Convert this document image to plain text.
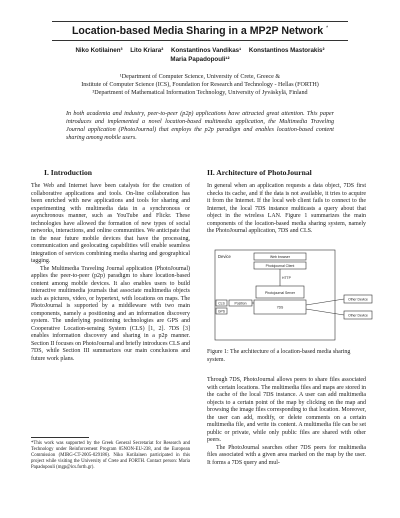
Location-based Media Sharing in a MP2P Network *
Niko Kotilainen³ Lito Kriara² Konstantinos Vandikas¹ Konstantinos Mastorakis²
Maria Papadopouli¹²
¹Department of Computer Science, University of Crete, Greece &
Institute of Computer Science (ICS), Foundation for Research and Technology - Hellas (FORTH)
³Department of Mathematical Information Technology, University of Jyväskylä, Finland
In both academia and industry, peer-to-peer (p2p) applications have attracted great attention. This paper introduces and implemented a novel location-based multimedia application, the Multimedia Traveling Journal application (PhotoJournal) that employs the p2p paradigm and enables location-based content sharing among mobile users.
I. Introduction	II. Architecture of PhotoJournal

The Web and Internet have been catalysts for the creation of collaborative applications and tools. On-line collaboration has been enriched with new applications and tools for sharing and experimenting with multimedia data in a synchronous or asynchronous manner, such as YouTube and Flickr. These technologies have allowed the formation of new types of social networks, interactions, and online communities. We anticipate that in the near future mobile devices that have the processing, communication and geolocating capabilities will enable seamless integration of services combining media sharing and geographical tagging.

The Multimedia Traveling Journal application (PhotoJournal) applies the peer-to-peer (p2p) paradigm to share location-based content among mobile devices. It also enables users to build interactive multimedia journals that associate multimedia objects such as pictures, video, or hypertext, with locations on maps. The PhotoJournal is supported by a middleware with two main components, namely a positioning and an information discovery system. The underlying positioning technologies are GPS and Cooperative Location-sensing System (CLS) [1, 2]. 7DS [3] enables information discovery and sharing in a p2p manner. Section II focuses on PhotoJournal and briefly introduces CLS and 7DS, while Section III summarizes our main conclusions and future work plans.

*This work was supported by the Greek General Secretariat for Research and Technology under Reinforcement Program 05NON-EU-238, and the European Commission (MIRG-CT-2005-029186). Niko Kotilainen participated in this project while visiting the University of Crete and FORTH. Contact person: Maria Papadopouli (mgp@ics.forth.gr).

In general when an application requests a data object, 7DS first checks its cache, and if the data is not available, it tries to acquire it from the Internet. If the local web client fails to connect to the Internet, the local 7DS instance multicasts a query about that object in the wireless LAN. Figure 1 summarizes the main components of the location-based media sharing system, namely the PhotoJournal application, 7DS and CLS.

Device	Web browser
Photojournal Client
HTTP
Photojournal Server
CLS	Position
GPS
7DS
Other Device
Other Device
Figure 1: The architecture of a location-based media sharing system.

Through 7DS, PhotoJournal allows peers to share files associated with certain locations. The multimedia files and maps are stored in the cache of the local 7DS instance. A user can add multimedia objects to a certain point of the map by clicking on the map and browsing the image files corresponding to that location. Moreover, the user can add, modify, or delete comments on a certain multimedia file, and write its content. A multimedia file can be set public or private, while only public files are shared with other peers.

The PhotoJournal searches other 7DS peers for multimedia files associated with a given area marked on the map by the user. It forms a 7DS query and mul-
